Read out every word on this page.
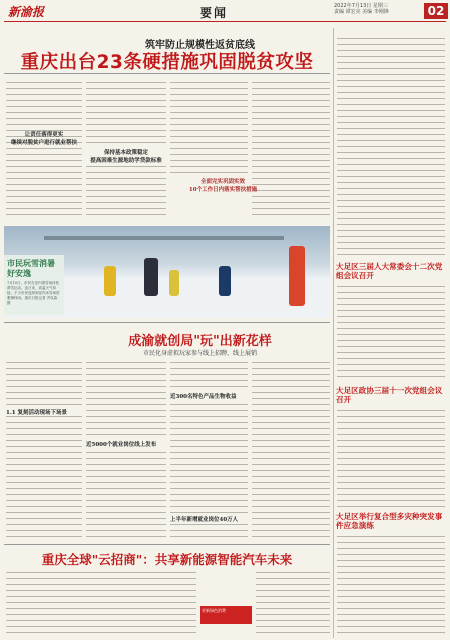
新渝报	要闻	2022年7月13日 星期三
责编 谭宏亮 美编 李刚锋	02
筑牢防止规模性返贫底线
重庆出台23条硬措施巩固脱贫攻坚
让责任落得更实
继续对脱贫户进行就业帮扶
保持基本政策稳定
提高困难生源地助学贷款标准
全面完实巩固实效
10个工作日内落实帮扶措施
市民玩雪消暑好安逸
7月10日，市民在室内滑雪场体验滑雪运动。连日来，高温天气持续，不少市民选择到室内冰雪场馆避暑休闲。重庆日报记者 齐岚森 摄
成渝就创局"玩"出新花样
市民化身虚拟玩家参与线上招聘、线上展销
1.1 复刻活动现场下场景
近5000个就业岗位线上发布
近300名特色产品生物收益
上半年新增就业岗位40万人
重庆全球"云招商"：共享新能源智能汽车未来
更新绿色消费
大足区三届人大常委会十二次党组会议召开
大足区政协三届十一次党组会议召开
大足区举行复合型多灾种突发事件应急演练
